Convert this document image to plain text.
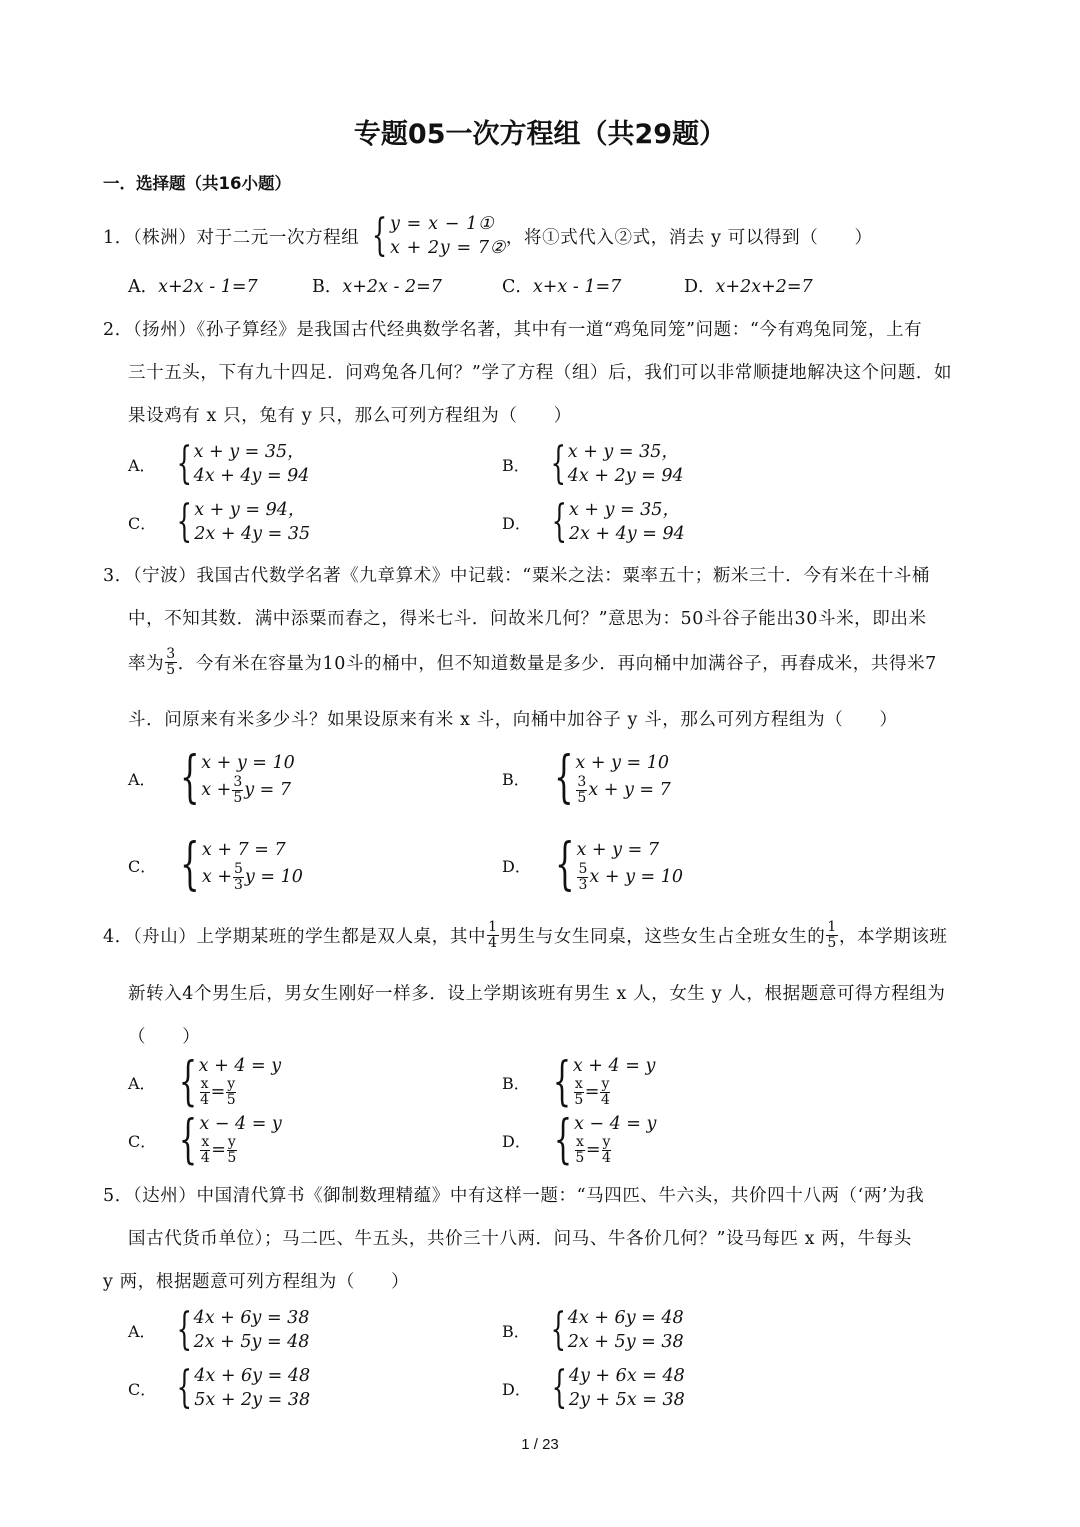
专题05一次方程组（共29题）
一．选择题（共16小题）
1．（株洲）对于二元一次方程组 { y = x − 1①
x + 2y = 7②
，将①式代入②式，消去 y 可以得到（　　）
A．x+2x - 1=7	B．x+2x - 2=7	C．x+x - 1=7	D．x+2x+2=7
2．（扬州）《孙子算经》是我国古代经典数学名著，其中有一道“鸡兔同笼”问题：“今有鸡兔同笼，上有
三十五头，下有九十四足．问鸡兔各几何？”学了方程（组）后，我们可以非常顺捷地解决这个问题．如
果设鸡有 x 只，兔有 y 只，那么可列方程组为（　　）
A． { x + y = 35，
4x + 4y = 94
B． { x + y = 35，
4x + 2y = 94
C． { x + y = 94，
2x + 4y = 35
D． { x + y = 35，
2x + 4y = 94
3．（宁波）我国古代数学名著《九章算术》中记载：“粟米之法：粟率五十；粝米三十．今有米在十斗桶
中，不知其数．满中添粟而舂之，得米七斗．问故米几何？”意思为：50斗谷子能出30斗米，即出米
率为 $\frac{3}{5}$ ．今有米在容量为10斗的桶中，但不知道数量是多少．再向桶中加满谷子，再舂成米，共得米7
斗．问原来有米多少斗？如果设原来有米 x 斗，向桶中加谷子 y 斗，那么可列方程组为（　　）
A． { x + y = 10
$x + \frac{3}{5}$ y = 7
B． { x + y = 10
$\frac{3}{5}$ x + y = 7
C． { x + 7 = 7
$x + \frac{5}{3}$ y = 10
D． { x + y = 7
$\frac{5}{3}$ x + y = 10
4．（舟山）上学期某班的学生都是双人桌，其中 $\frac{1}{4}$ 男生与女生同桌，这些女生占全班女生的 $\frac{1}{5}$ ，本学期该班
新转入4个男生后，男女生刚好一样多．设上学期该班有男生 x 人，女生 y 人，根据题意可得方程组为
（　　）
A． { x + 4 = y
$\frac{x}{4} = \frac{y}{5}$	B． { x + 4 = y
$\frac{x}{5} = \frac{y}{4}$
C． { x − 4 = y
$\frac{x}{4} = \frac{y}{5}$	D． { x − 4 = y
$\frac{x}{5} = \frac{y}{4}$
5．（达州）中国清代算书《御制数理精蕴》中有这样一题：“马四匹、牛六头，共价四十八两（‘两’为我
国古代货币单位）；马二匹、牛五头，共价三十八两．问马、牛各价几何？”设马每匹 x 两，牛每头
y 两，根据题意可列方程组为（　　）
A． { 4x + 6y = 38
2x + 5y = 48
B． { 4x + 6y = 48
2x + 5y = 38
C． { 4x + 6y = 48
5x + 2y = 38
D． { 4y + 6x = 48
2y + 5x = 38
1 / 23
